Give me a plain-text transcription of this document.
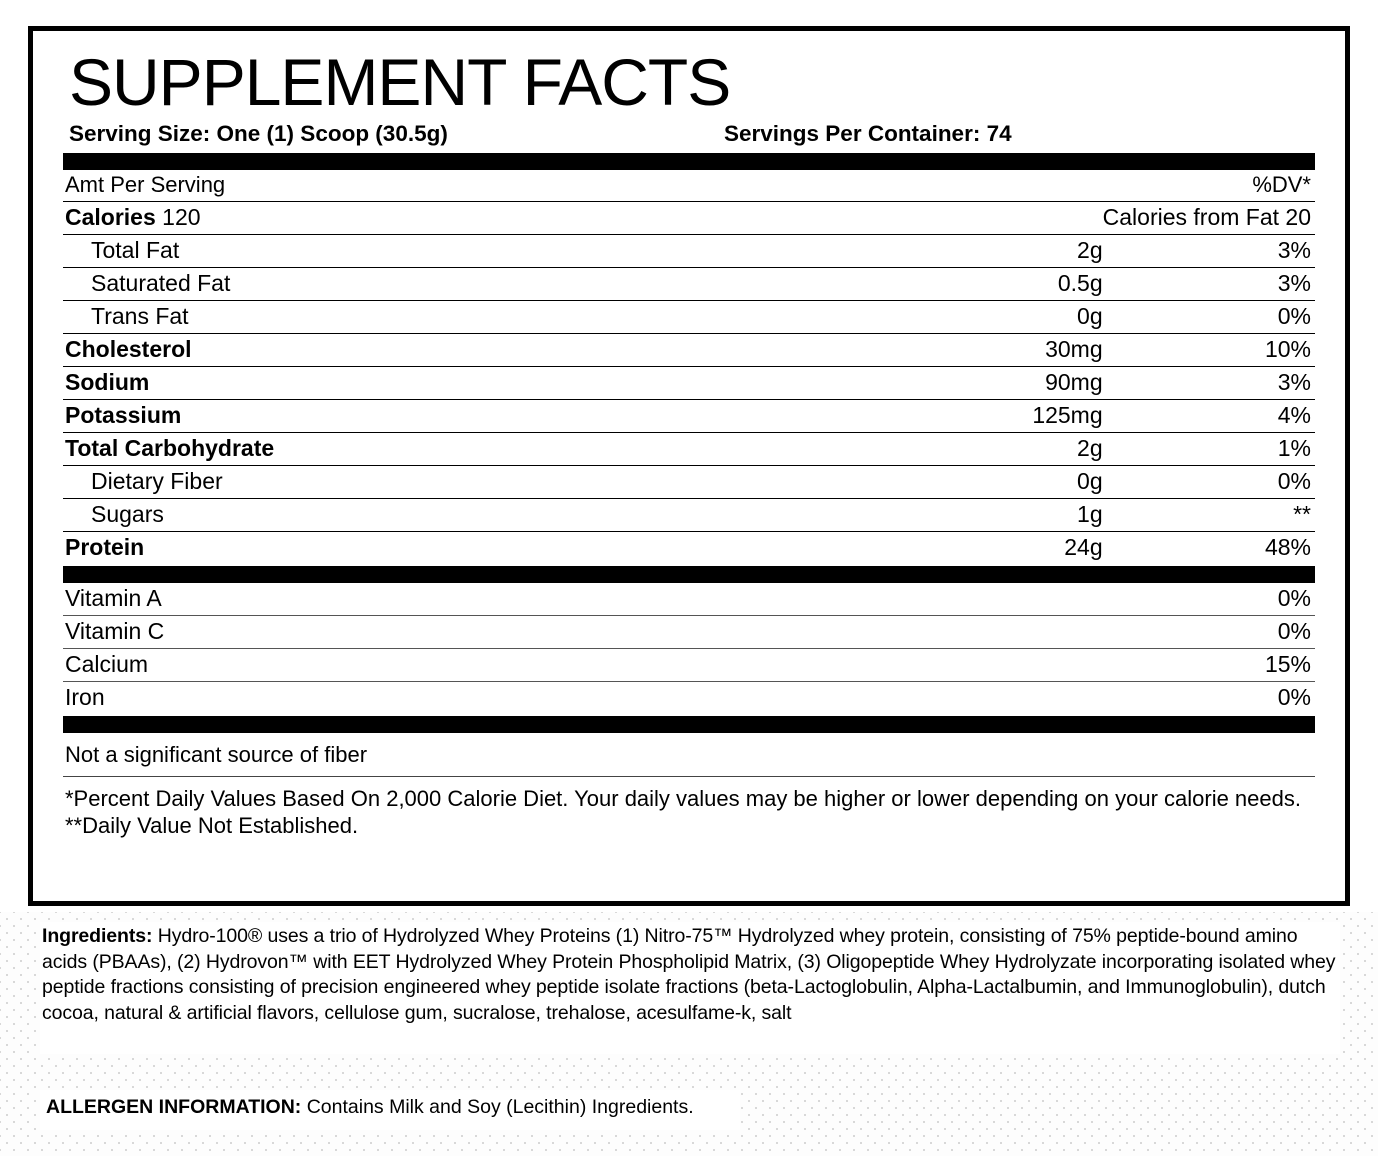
SUPPLEMENT FACTS
Serving Size: One (1) Scoop (30.5g)	Servings Per Container: 74
Amt Per Serving		%DV*
Calories 120		Calories from Fat 20
Total Fat	2g	3%
Saturated Fat	0.5g	3%
Trans Fat	0g	0%
Cholesterol	30mg	10%
Sodium	90mg	3%
Potassium	125mg	4%
Total Carbohydrate	2g	1%
Dietary Fiber	0g	0%
Sugars	1g	**
Protein	24g	48%
Vitamin A		0%
Vitamin C		0%
Calcium		15%
Iron		0%
Not a significant source of fiber
*Percent Daily Values Based On 2,000 Calorie Diet. Your daily values may be higher or lower depending on your calorie needs.
**Daily Value Not Established.
Ingredients: Hydro-100® uses a trio of Hydrolyzed Whey Proteins (1) Nitro-75™ Hydrolyzed whey protein, consisting of 75% peptide-bound amino acids (PBAAs), (2) Hydrovon™ with EET Hydrolyzed Whey Protein Phospholipid Matrix, (3) Oligopeptide Whey Hydrolyzate incorporating isolated whey peptide fractions consisting of precision engineered whey peptide isolate fractions (beta-Lactoglobulin, Alpha-Lactalbumin, and Immunoglobulin), dutch cocoa, natural & artificial flavors, cellulose gum, sucralose, trehalose, acesulfame-k, salt
ALLERGEN INFORMATION: Contains Milk and Soy (Lecithin) Ingredients.
